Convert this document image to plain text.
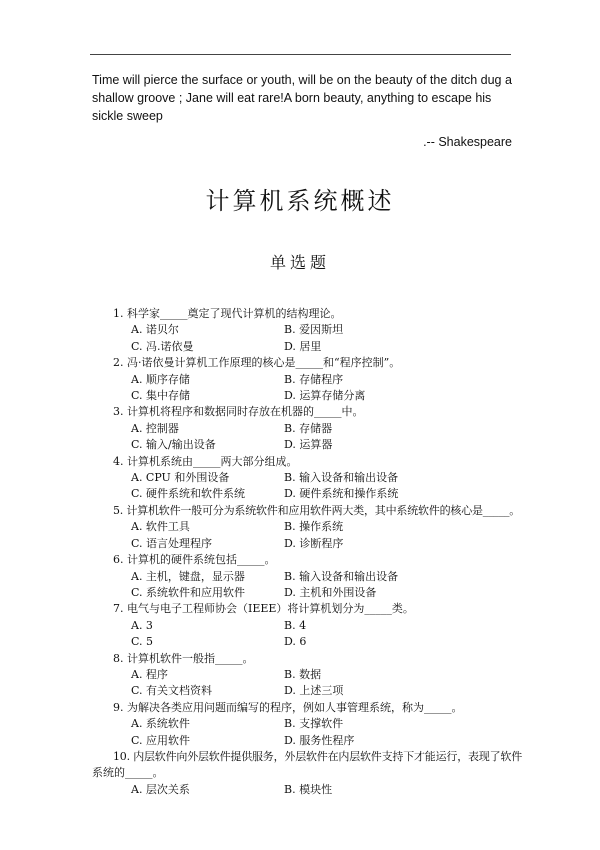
Time will pierce the surface or youth, will be on the beauty of the ditch dug a shallow groove ; Jane will eat rare!A born beauty, anything to escape his sickle sweep
.-- Shakespeare
计算机系统概述
单选题
1. 科学家_____奠定了现代计算机的结构理论。
A. 诺贝尔	B. 爱因斯坦
C. 冯.诺依曼	D. 居里
2. 冯·诺依曼计算机工作原理的核心是_____和“程序控制”。
A. 顺序存储	B. 存储程序
C. 集中存储	D. 运算存储分离
3. 计算机将程序和数据同时存放在机器的_____中。
A. 控制器	B. 存储器
C. 输入/输出设备	D. 运算器
4. 计算机系统由_____两大部分组成。
A. CPU 和外围设备	B. 输入设备和输出设备
C. 硬件系统和软件系统	D. 硬件系统和操作系统
5. 计算机软件一般可分为系统软件和应用软件两大类，其中系统软件的核心是_____。
A. 软件工具	B. 操作系统
C. 语言处理程序	D. 诊断程序
6. 计算机的硬件系统包括_____。
A. 主机，键盘，显示器	B. 输入设备和输出设备
C. 系统软件和应用软件	D. 主机和外围设备
7. 电气与电子工程师协会（IEEE）将计算机划分为_____类。
A. 3	B. 4
C. 5	D. 6
8. 计算机软件一般指_____。
A. 程序	B. 数据
C. 有关文档资料	D. 上述三项
9. 为解决各类应用问题而编写的程序，例如人事管理系统，称为_____。
A. 系统软件	B. 支撑软件
C. 应用软件	D. 服务性程序
10. 内层软件向外层软件提供服务，外层软件在内层软件支持下才能运行，表现了软件
系统的_____。
A. 层次关系	B. 模块性
